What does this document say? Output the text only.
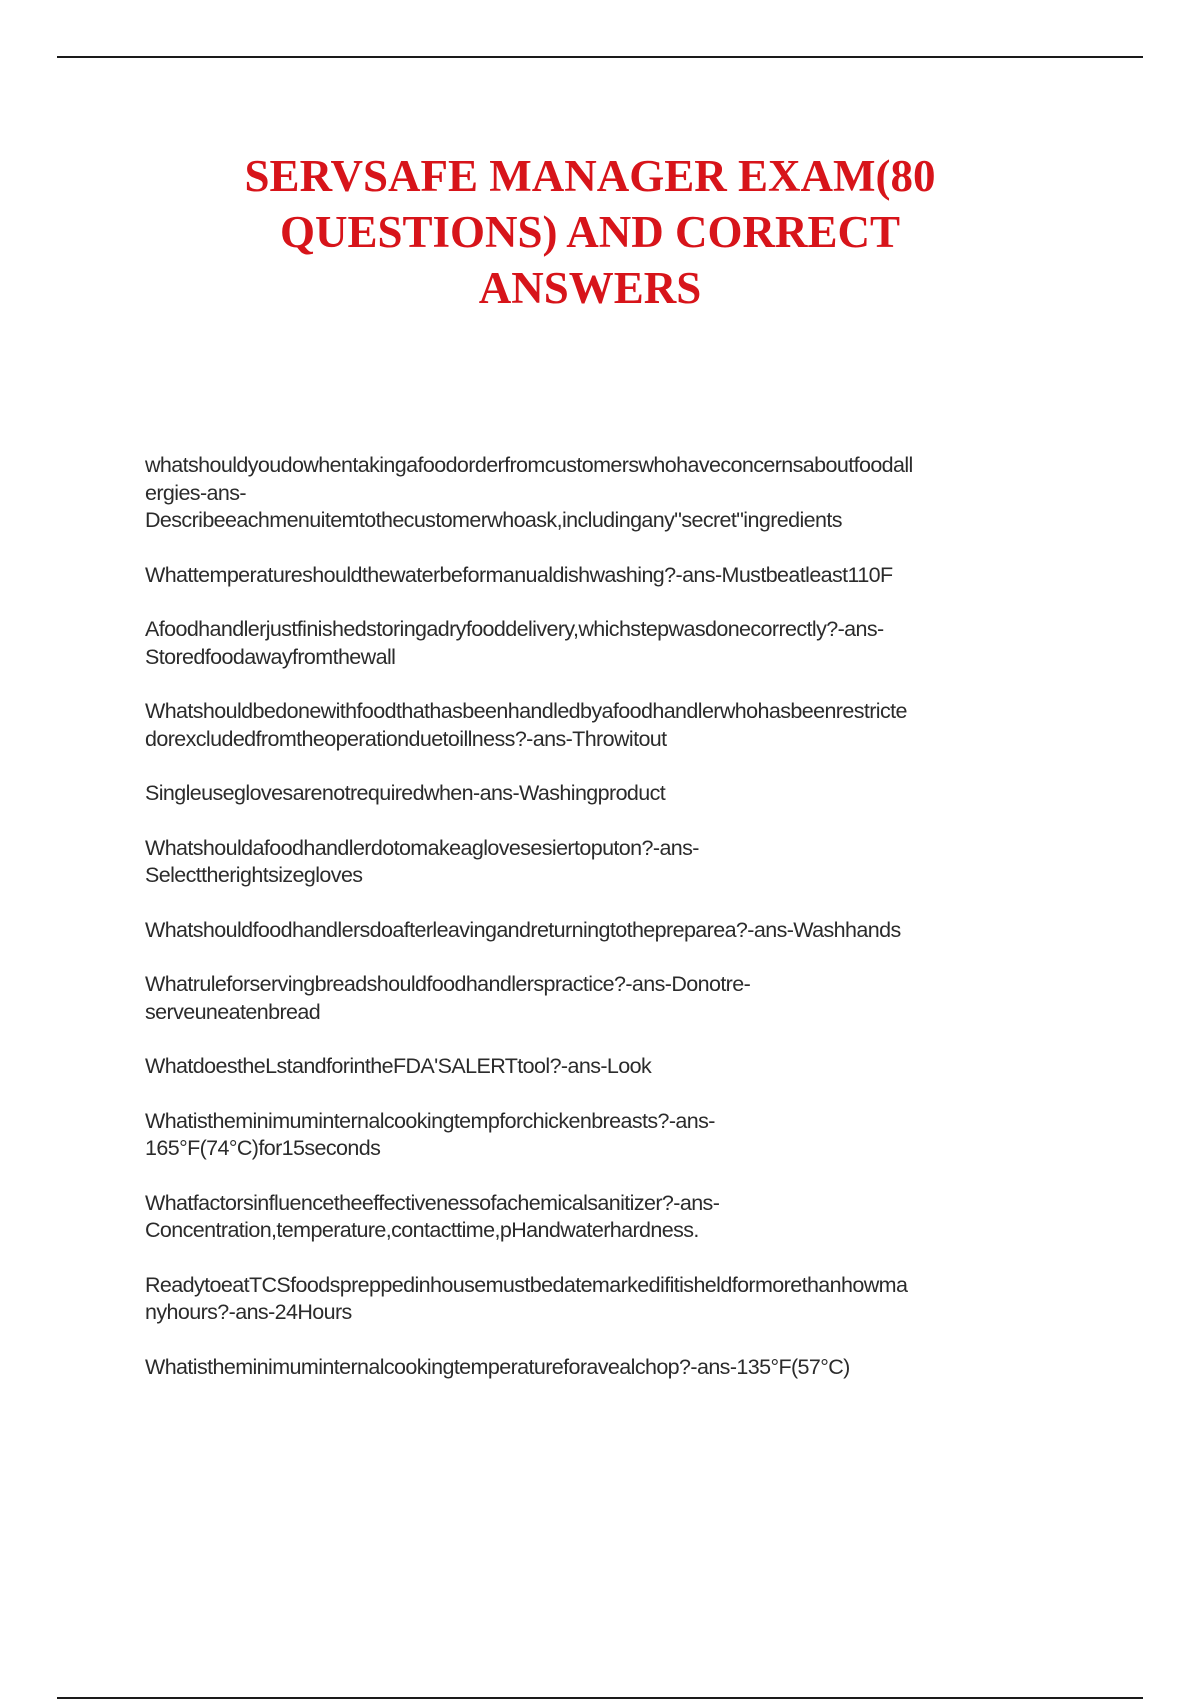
SERVSAFE MANAGER EXAM(80
QUESTIONS) AND CORRECT
ANSWERS
whatshouldyoudowhentakingafoodorderfromcustomerswhohaveconcernsaboutfoodall
ergies-ans-
Describeeachmenuitemtothecustomerwhoask,includingany"secret"ingredients
Whattemperatureshouldthewaterbeformanualdishwashing?-ans-Mustbeatleast110F
Afoodhandlerjustfinishedstoringadryfooddelivery,whichstepwasdonecorrectly?-ans-
Storedfoodawayfromthewall
Whatshouldbedonewithfoodthathasbeenhandledbyafoodhandlerwhohasbeenrestricte
dorexcludedfromtheoperationduetoillness?-ans-Throwitout
Singleuseglovesarenotrequiredwhen-ans-Washingproduct
Whatshouldafoodhandlerdotomakeaglovesesiertoputon?-ans-
Selecttherightsizegloves
Whatshouldfoodhandlersdoafterleavingandreturningtothepreparea?-ans-Washhands
Whatruleforservingbreadshouldfoodhandlerspractice?-ans-Donotre-
serveuneatenbread
WhatdoestheLstandforintheFDA'SALERTtool?-ans-Look
Whatistheminimuminternalcookingtempforchickenbreasts?-ans-
165°F(74°C)for15seconds
Whatfactorsinfluencetheeffectivenessofachemicalsanitizer?-ans-
Concentration,temperature,contacttime,pHandwaterhardness.
ReadytoeatTCSfoodspreppedinhousemustbedatemarkedifitisheldformorethanhowma
nyhours?-ans-24Hours
Whatistheminimuminternalcookingtemperatureforavealchop?-ans-135°F(57°C)
